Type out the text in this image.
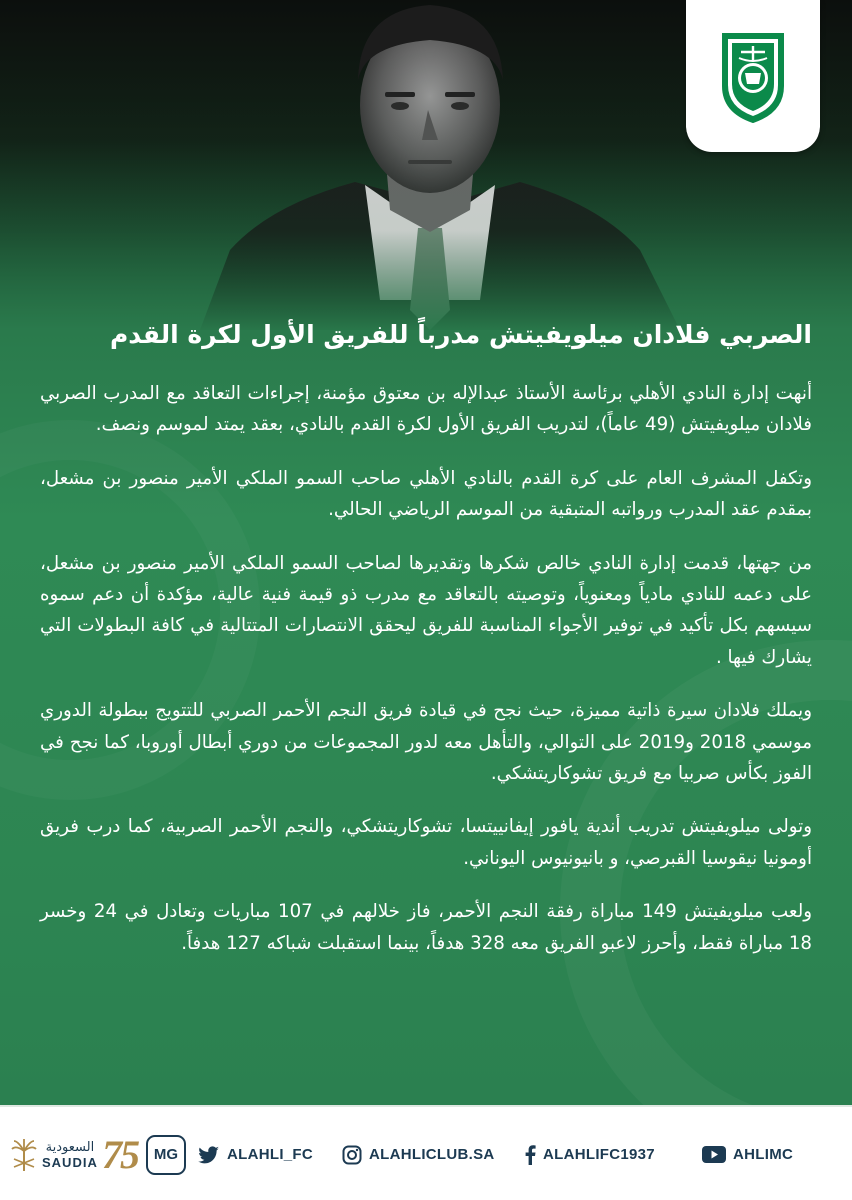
الصربي فلادان ميلويفيتش مدرباً للفريق الأول لكرة القدم

أنهت إدارة النادي الأهلي برئاسة الأستاذ عبدالإله بن معتوق مؤمنة، إجراءات التعاقد مع المدرب الصربي فلادان ميلويفيتش (49 عاماً)، لتدريب الفريق الأول لكرة القدم بالنادي، بعقد يمتد لموسم ونصف.

وتكفل المشرف العام على كرة القدم بالنادي الأهلي صاحب السمو الملكي الأمير منصور بن مشعل، بمقدم عقد المدرب ورواتبه المتبقية من الموسم الرياضي الحالي.

من جهتها، قدمت إدارة النادي خالص شكرها وتقديرها لصاحب السمو الملكي الأمير منصور بن مشعل، على دعمه للنادي مادياً ومعنوياً، وتوصيته بالتعاقد مع مدرب ذو قيمة فنية عالية، مؤكدة أن دعم سموه سيسهم بكل تأكيد في توفير الأجواء المناسبة للفريق ليحقق الانتصارات المتتالية في كافة البطولات التي يشارك فيها .

ويملك فلادان سيرة ذاتية مميزة، حيث نجح في قيادة فريق النجم الأحمر الصربي للتتويج ببطولة الدوري موسمي 2018 و2019 على التوالي، والتأهل معه لدور المجموعات من دوري أبطال أوروبا، كما نجح في الفوز بكأس صربيا مع فريق تشوكاريتشكي.

وتولى ميلويفيتش تدريب أندية يافور إيفانييتسا، تشوكاريتشكي، والنجم الأحمر الصربية، كما درب فريق أومونيا نيقوسيا القبرصي، و بانيونيوس اليوناني.

ولعب ميلويفيتش 149 مباراة رفقة النجم الأحمر، فاز خلالهم في 107 مباريات وتعادل في 24 وخسر 18 مباراة فقط، وأحرز لاعبو الفريق معه 328 هدفاً، بينما استقبلت شباكه 127 هدفاً.

السعودية
SAUDIA 75 MG	ALAHLI_FC	ALAHLICLUB.SA	ALAHLIFC1937	AHLIMC
